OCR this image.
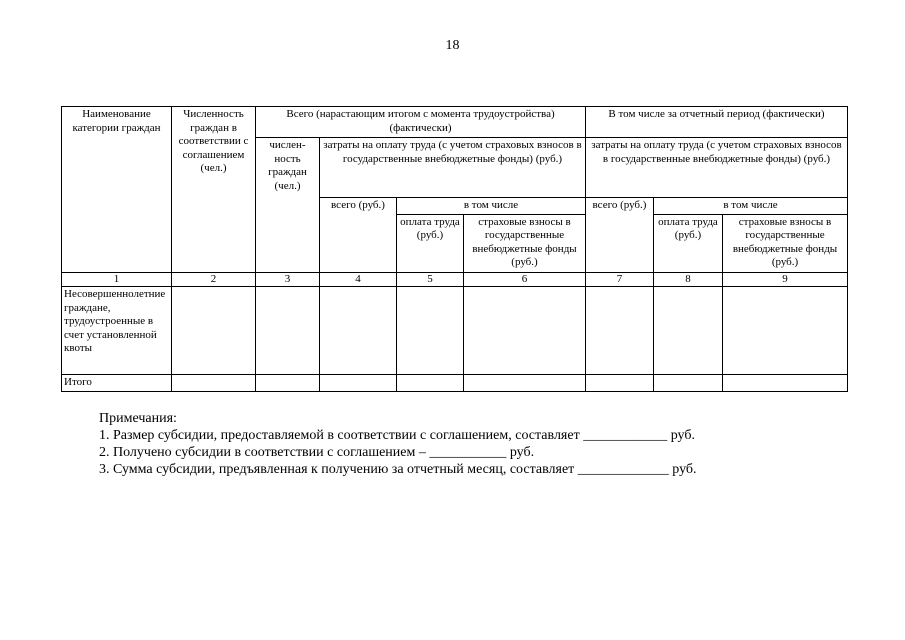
18
Наименование категории граждан	Численность граждан в соответствии с соглашением (чел.)	Всего (нарастающим итогом с момента трудоустройства) (фактически)				В том числе за отчетный период (фактически)		
		числен-ность граждан (чел.)	затраты на оплату труда (с учетом страховых взносов в государственные внебюджетные фонды) (руб.)			затраты на оплату труда (с учетом страховых взносов в государственные внебюджетные фонды) (руб.)		
			всего (руб.)	в том числе		всего (руб.)	в том числе	
				оплата труда (руб.)	страховые взносы в государственные внебюджетные фонды (руб.)		оплата труда (руб.)	страховые взносы в государственные внебюджетные фонды (руб.)
1	2	3	4	5	6	7	8	9
Несовершеннолетние граждане, трудоустроенные в счет установленной квоты								
Итого								
Примечания:
1. Размер субсидии, предоставляемой в соответствии с соглашением, составляет ____________ руб.
2. Получено субсидии в соответствии с соглашением – ___________ руб.
3. Сумма субсидии, предъявленная к получению за отчетный месяц, составляет _____________ руб.
